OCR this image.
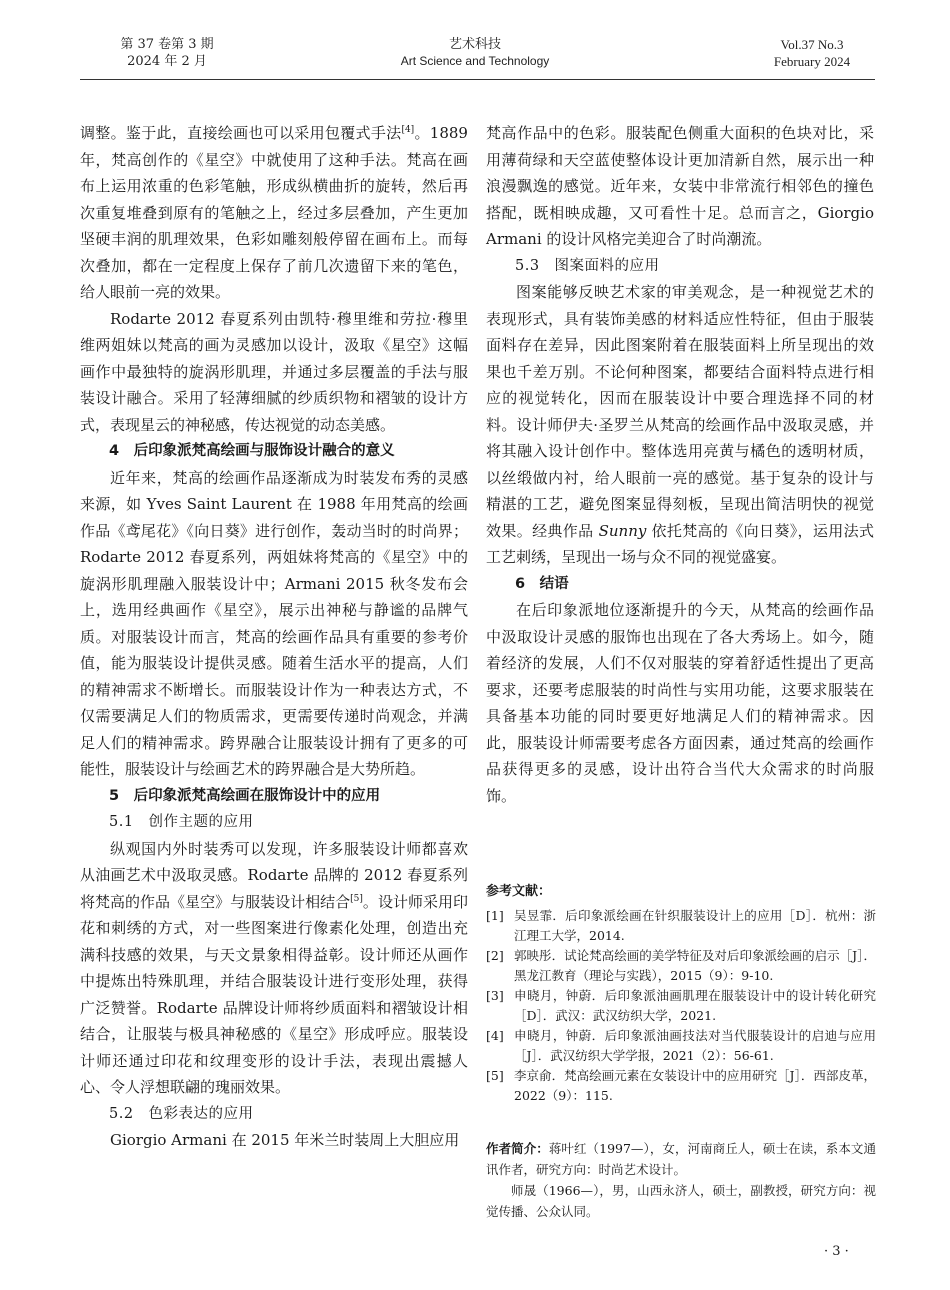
第 37 卷第 3 期
2024 年 2 月
艺术科技
Art Science and Technology
Vol.37 No.3
February 2024

调整。鉴于此，直接绘画也可以采用包覆式手法[4]。1889 年，梵高创作的《星空》中就使用了这种手法。梵高在画布上运用浓重的色彩笔触，形成纵横曲折的旋转，然后再次重复堆叠到原有的笔触之上，经过多层叠加，产生更加坚硬丰润的肌理效果，色彩如雕刻般停留在画布上。而每次叠加，都在一定程度上保存了前几次遗留下来的笔色，给人眼前一亮的效果。

Rodarte 2012 春夏系列由凯特·穆里维和劳拉·穆里维两姐妹以梵高的画为灵感加以设计，汲取《星空》这幅画作中最独特的旋涡形肌理，并通过多层覆盖的手法与服装设计融合。采用了轻薄细腻的纱质织物和褶皱的设计方式，表现星云的神秘感，传达视觉的动态美感。

4　后印象派梵高绘画与服饰设计融合的意义

近年来，梵高的绘画作品逐渐成为时装发布秀的灵感来源，如 Yves Saint Laurent 在 1988 年用梵高的绘画作品《鸢尾花》《向日葵》进行创作，轰动当时的时尚界；Rodarte 2012 春夏系列，两姐妹将梵高的《星空》中的旋涡形肌理融入服装设计中；Armani 2015 秋冬发布会上，选用经典画作《星空》，展示出神秘与静谧的品牌气质。对服装设计而言，梵高的绘画作品具有重要的参考价值，能为服装设计提供灵感。随着生活水平的提高，人们的精神需求不断增长。而服装设计作为一种表达方式，不仅需要满足人们的物质需求，更需要传递时尚观念，并满足人们的精神需求。跨界融合让服装设计拥有了更多的可能性，服装设计与绘画艺术的跨界融合是大势所趋。

5　后印象派梵高绘画在服饰设计中的应用
5.1　创作主题的应用

纵观国内外时装秀可以发现，许多服装设计师都喜欢从油画艺术中汲取灵感。Rodarte 品牌的 2012 春夏系列将梵高的作品《星空》与服装设计相结合[5]。设计师采用印花和刺绣的方式，对一些图案进行像素化处理，创造出充满科技感的效果，与天文景象相得益彰。设计师还从画作中提炼出特殊肌理，并结合服装设计进行变形处理，获得广泛赞誉。Rodarte 品牌设计师将纱质面料和褶皱设计相结合，让服装与极具神秘感的《星空》形成呼应。服装设计师还通过印花和纹理变形的设计手法，表现出震撼人心、令人浮想联翩的瑰丽效果。

5.2　色彩表达的应用

Giorgio Armani 在 2015 年米兰时装周上大胆应用

梵高作品中的色彩。服装配色侧重大面积的色块对比，采用薄荷绿和天空蓝使整体设计更加清新自然，展示出一种浪漫飘逸的感觉。近年来，女装中非常流行相邻色的撞色搭配，既相映成趣，又可看性十足。总而言之，Giorgio Armani 的设计风格完美迎合了时尚潮流。

5.3　图案面料的应用

图案能够反映艺术家的审美观念，是一种视觉艺术的表现形式，具有装饰美感的材料适应性特征，但由于服装面料存在差异，因此图案附着在服装面料上所呈现出的效果也千差万别。不论何种图案，都要结合面料特点进行相应的视觉转化，因而在服装设计中要合理选择不同的材料。设计师伊夫·圣罗兰从梵高的绘画作品中汲取灵感，并将其融入设计创作中。整体选用亮黄与橘色的透明材质，以丝缎做内衬，给人眼前一亮的感觉。基于复杂的设计与精湛的工艺，避免图案显得刻板，呈现出简洁明快的视觉效果。经典作品 Sunny 依托梵高的《向日葵》，运用法式工艺刺绣，呈现出一场与众不同的视觉盛宴。

6　结语

在后印象派地位逐渐提升的今天，从梵高的绘画作品中汲取设计灵感的服饰也出现在了各大秀场上。如今，随着经济的发展，人们不仅对服装的穿着舒适性提出了更高要求，还要考虑服装的时尚性与实用功能，这要求服装在具备基本功能的同时要更好地满足人们的精神需求。因此，服装设计师需要考虑各方面因素，通过梵高的绘画作品获得更多的灵感，设计出符合当代大众需求的时尚服饰。

参考文献：
[1] 吴昱霏．后印象派绘画在针织服装设计上的应用［D］．杭州：浙江理工大学，2014.
[2] 郭映彤．试论梵高绘画的美学特征及对后印象派绘画的启示［J］．黑龙江教育（理论与实践），2015（9）：9-10.
[3] 申晓月，钟蔚．后印象派油画肌理在服装设计中的设计转化研究［D］．武汉：武汉纺织大学，2021.
[4] 申晓月，钟蔚．后印象派油画技法对当代服装设计的启迪与应用［J］．武汉纺织大学学报，2021（2）：56-61.
[5] 李京俞．梵高绘画元素在女装设计中的应用研究［J］．西部皮革，2022（9）：115.

作者简介：蒋叶红（1997—），女，河南商丘人，硕士在读，系本文通讯作者，研究方向：时尚艺术设计。

师晟（1966—），男，山西永济人，硕士，副教授，研究方向：视觉传播、公众认同。

· 3 ·
